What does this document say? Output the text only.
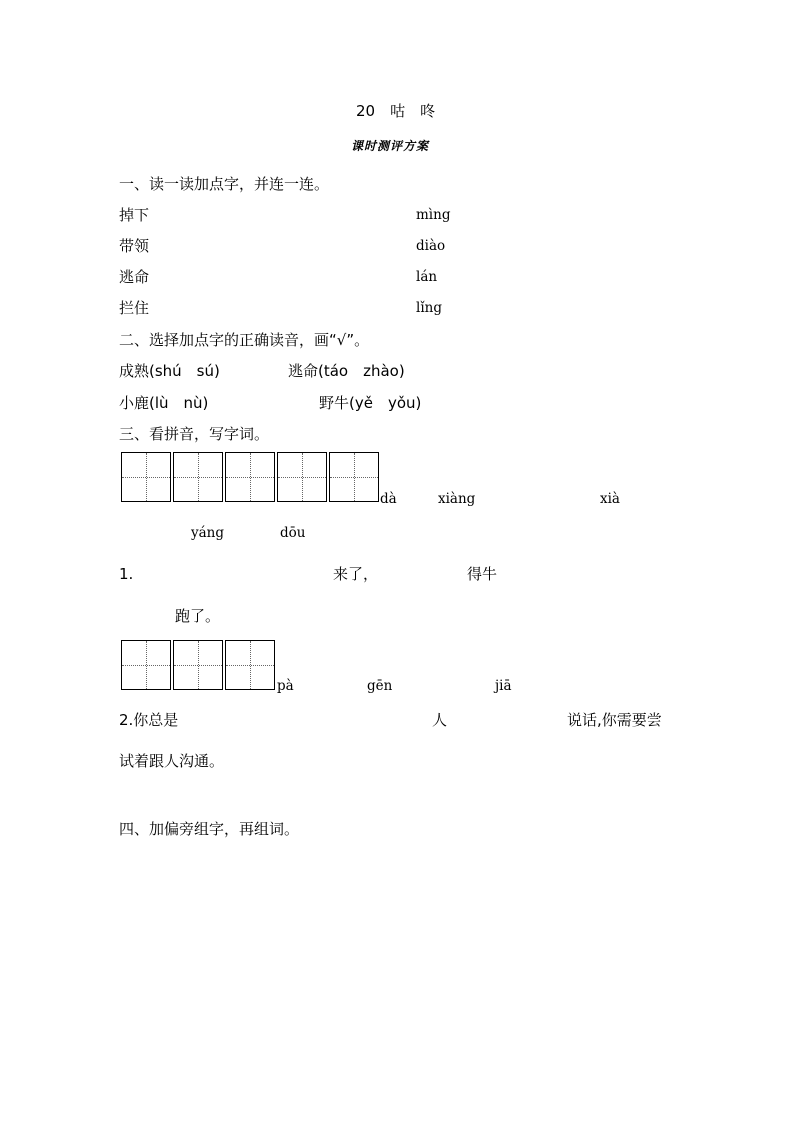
20　咕　咚
课时测评方案
一、读一读加点字，并连一连。
掉下
带领
逃命
拦住
mìng
diào
lán
lǐng
二、选择加点字的正确读音，画“√”。
成熟(shú　sú)	逃命(táo　zhào)
小鹿(lù　nù)	野牛(yě　yǒu)
三、看拼音，写字词。
dà	xiàng	xià
yáng	dōu
1.	来了，	得牛
跑了。
pà	gēn	jiā
2.你总是	人	说话,你需要尝
试着跟人沟通。
四、加偏旁组字，再组词。
